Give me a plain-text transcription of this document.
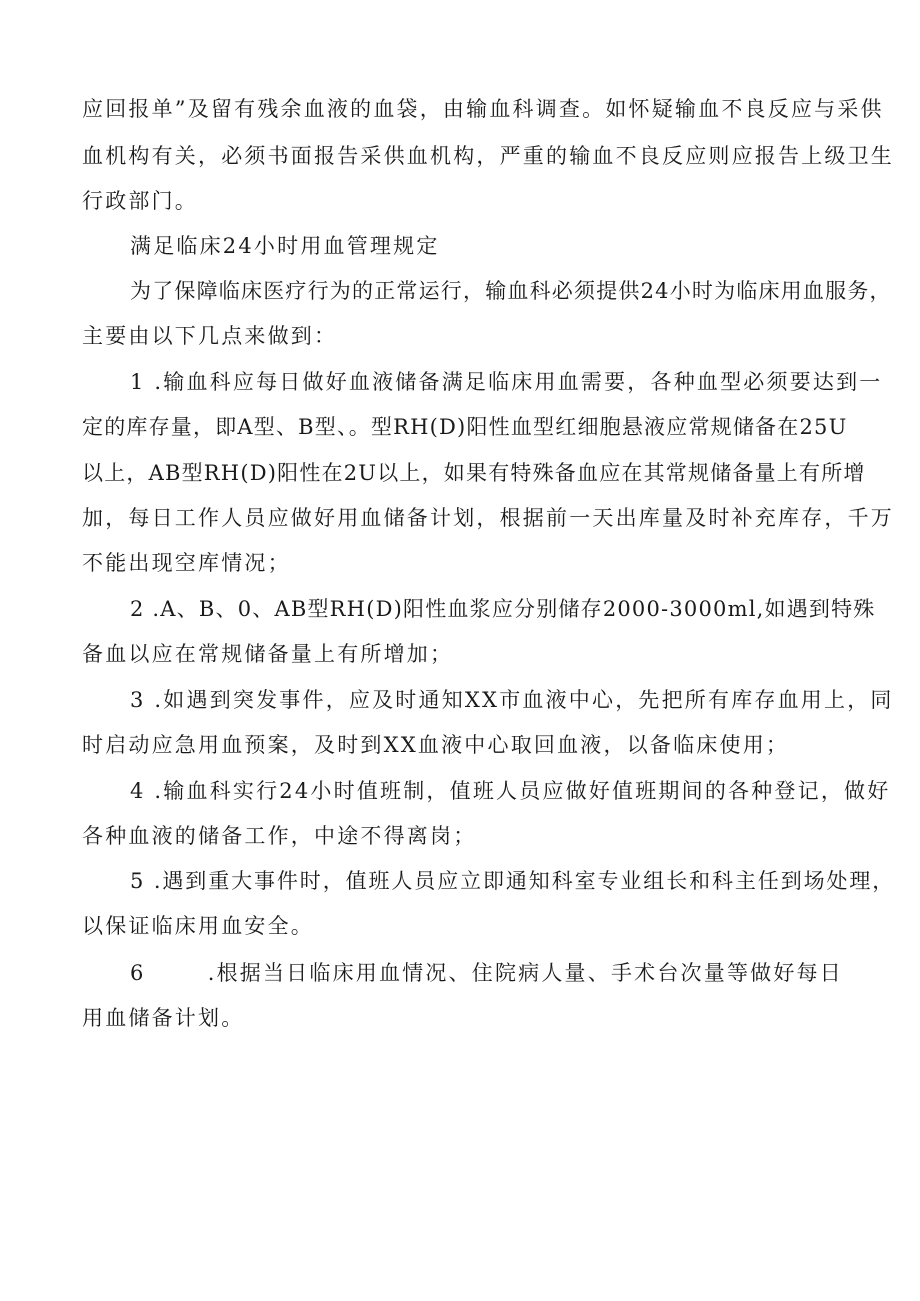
应回报单”及留有残余血液的血袋，由输血科调查。如怀疑输血不良反应与采供
血机构有关，必须书面报告采供血机构，严重的输血不良反应则应报告上级卫生
行政部门。
满足临床24小时用血管理规定
为了保障临床医疗行为的正常运行，输血科必须提供24小时为临床用血服务，
主要由以下几点来做到：
1 .输血科应每日做好血液储备满足临床用血需要，各种血型必须要达到一
定的库存量，即A型、B型、。型RH(D)阳性血型红细胞悬液应常规储备在25U
以上，AB型RH(D)阳性在2U以上，如果有特殊备血应在其常规储备量上有所增
加，每日工作人员应做好用血储备计划，根据前一天出库量及时补充库存，千万
不能出现空库情况；
2 .A、B、0、AB型RH(D)阳性血浆应分别储存2000-3000ml,如遇到特殊
备血以应在常规储备量上有所增加；
3 .如遇到突发事件，应及时通知XX市血液中心，先把所有库存血用上，同
时启动应急用血预案，及时到XX血液中心取回血液，以备临床使用；
4 .输血科实行24小时值班制，值班人员应做好值班期间的各种登记，做好
各种血液的储备工作，中途不得离岗；
5 .遇到重大事件时，值班人员应立即通知科室专业组长和科主任到场处理，
以保证临床用血安全。
6       .根据当日临床用血情况、住院病人量、手术台次量等做好每日
用血储备计划。
